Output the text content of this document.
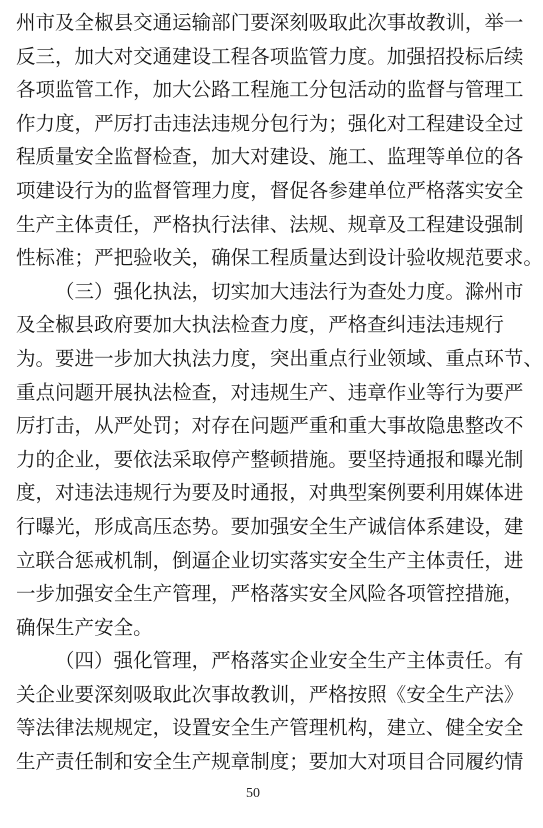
州 市 及 全 椒 县 交 通 运 输 部 门 要 深 刻 吸 取 此 次 事 故 教 训 ， 举 一
反 三 ， 加 大 对 交 通 建 设 工 程 各 项 监 管 力 度 。 加 强 招 投 标 后 续
各 项 监 管 工 作 ， 加 大 公 路 工 程 施 工 分 包 活 动 的 监 督 与 管 理 工
作 力 度 ， 严 厉 打 击 违 法 违 规 分 包 行 为 ； 强 化 对 工 程 建 设 全 过
程 质 量 安 全 监 督 检 查 ， 加 大 对 建 设 、 施 工 、 监 理 等 单 位 的 各
项 建 设 行 为 的 监 督 管 理 力 度 ， 督 促 各 参 建 单 位 严 格 落 实 安 全
生 产 主 体 责 任 ， 严 格 执 行 法 律 、 法 规 、 规 章 及 工 程 建 设 强 制
性 标 准 ； 严 把 验 收 关 ， 确 保 工 程 质 量 达 到 设 计 验 收 规 范 要 求 。
（ 三 ） 强 化 执 法 ， 切 实 加 大 违 法 行 为 查 处 力 度 。 滁 州 市
及 全 椒 县 政 府 要 加 大 执 法 检 查 力 度 ， 严 格 查 纠 违 法 违 规 行
为 。 要 进 一 步 加 大 执 法 力 度 ， 突 出 重 点 行 业 领 域 、 重 点 环 节 、
重 点 问 题 开 展 执 法 检 查 ， 对 违 规 生 产 、 违 章 作 业 等 行 为 要 严
厉 打 击 ， 从 严 处 罚 ； 对 存 在 问 题 严 重 和 重 大 事 故 隐 患 整 改 不
力 的 企 业 ， 要 依 法 采 取 停 产 整 顿 措 施 。 要 坚 持 通 报 和 曝 光 制
度 ， 对 违 法 违 规 行 为 要 及 时 通 报 ， 对 典 型 案 例 要 利 用 媒 体 进
行 曝 光 ， 形 成 高 压 态 势 。 要 加 强 安 全 生 产 诚 信 体 系 建 设 ， 建
立 联 合 惩 戒 机 制 ， 倒 逼 企 业 切 实 落 实 安 全 生 产 主 体 责 任 ， 进
一 步 加 强 安 全 生 产 管 理 ， 严 格 落 实 安 全 风 险 各 项 管 控 措 施 ，
确 保 生 产 安 全 。
（ 四 ） 强 化 管 理 ， 严 格 落 实 企 业 安 全 生 产 主 体 责 任 。 有
关 企 业 要 深 刻 吸 取 此 次 事 故 教 训 ， 严 格 按 照 《 安 全 生 产 法 》
等 法 律 法 规 规 定 ， 设 置 安 全 生 产 管 理 机 构 ， 建 立 、 健 全 安 全
生 产 责 任 制 和 安 全 生 产 规 章 制 度 ； 要 加 大 对 项 目 合 同 履 约 情
50
